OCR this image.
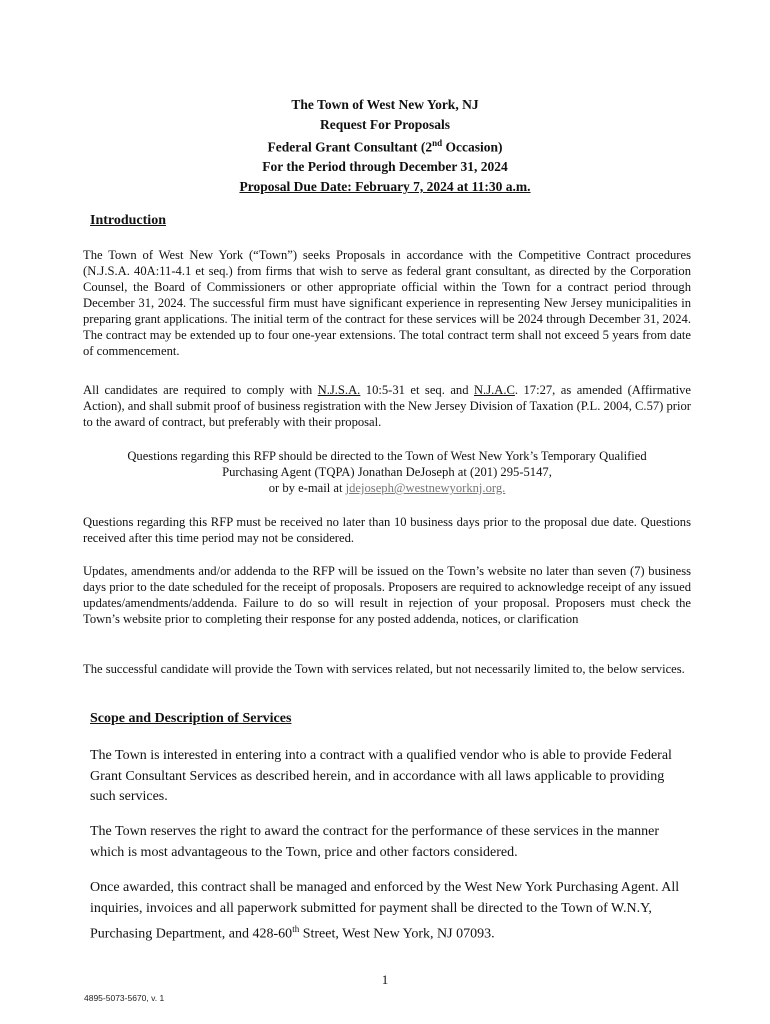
The Town of West New York, NJ
Request For Proposals
Federal Grant Consultant (2nd Occasion)
For the Period through December 31, 2024
Proposal Due Date: February 7, 2024 at 11:30 a.m.
Introduction
The Town of West New York (“Town”) seeks Proposals in accordance with the Competitive Contract procedures (N.J.S.A. 40A:11-4.1 et seq.) from firms that wish to serve as federal grant consultant, as directed by the Corporation Counsel, the Board of Commissioners or other appropriate official within the Town for a contract period through December 31, 2024. The successful firm must have significant experience in representing New Jersey municipalities in preparing grant applications. The initial term of the contract for these services will be 2024 through December 31, 2024. The contract may be extended up to four one-year extensions. The total contract term shall not exceed 5 years from date of commencement.
All candidates are required to comply with N.J.S.A. 10:5-31 et seq. and N.J.A.C. 17:27, as amended (Affirmative Action), and shall submit proof of business registration with the New Jersey Division of Taxation (P.L. 2004, C.57) prior to the award of contract, but preferably with their proposal.
Questions regarding this RFP should be directed to the Town of West New York’s Temporary Qualified
Purchasing Agent (TQPA) Jonathan DeJoseph at (201) 295-5147,
or by e-mail at jdejoseph@westnewyorknj.org.
Questions regarding this RFP must be received no later than 10 business days prior to the proposal due date. Questions received after this time period may not be considered.
Updates, amendments and/or addenda to the RFP will be issued on the Town’s website no later than seven (7) business days prior to the date scheduled for the receipt of proposals. Proposers are required to acknowledge receipt of any issued updates/amendments/addenda. Failure to do so will result in rejection of your proposal. Proposers must check the Town’s website prior to completing their response for any posted addenda, notices, or clarification
The successful candidate will provide the Town with services related, but not necessarily limited to, the below services.
Scope and Description of Services
The Town is interested in entering into a contract with a qualified vendor who is able to provide Federal Grant Consultant Services as described herein, and in accordance with all laws applicable to providing such services.
The Town reserves the right to award the contract for the performance of these services in the manner which is most advantageous to the Town, price and other factors considered.
Once awarded, this contract shall be managed and enforced by the West New York Purchasing Agent. All inquiries, invoices and all paperwork submitted for payment shall be directed to the Town of W.N.Y, Purchasing Department, and 428-60th Street, West New York, NJ 07093.
1
4895-5073-5670, v. 1
